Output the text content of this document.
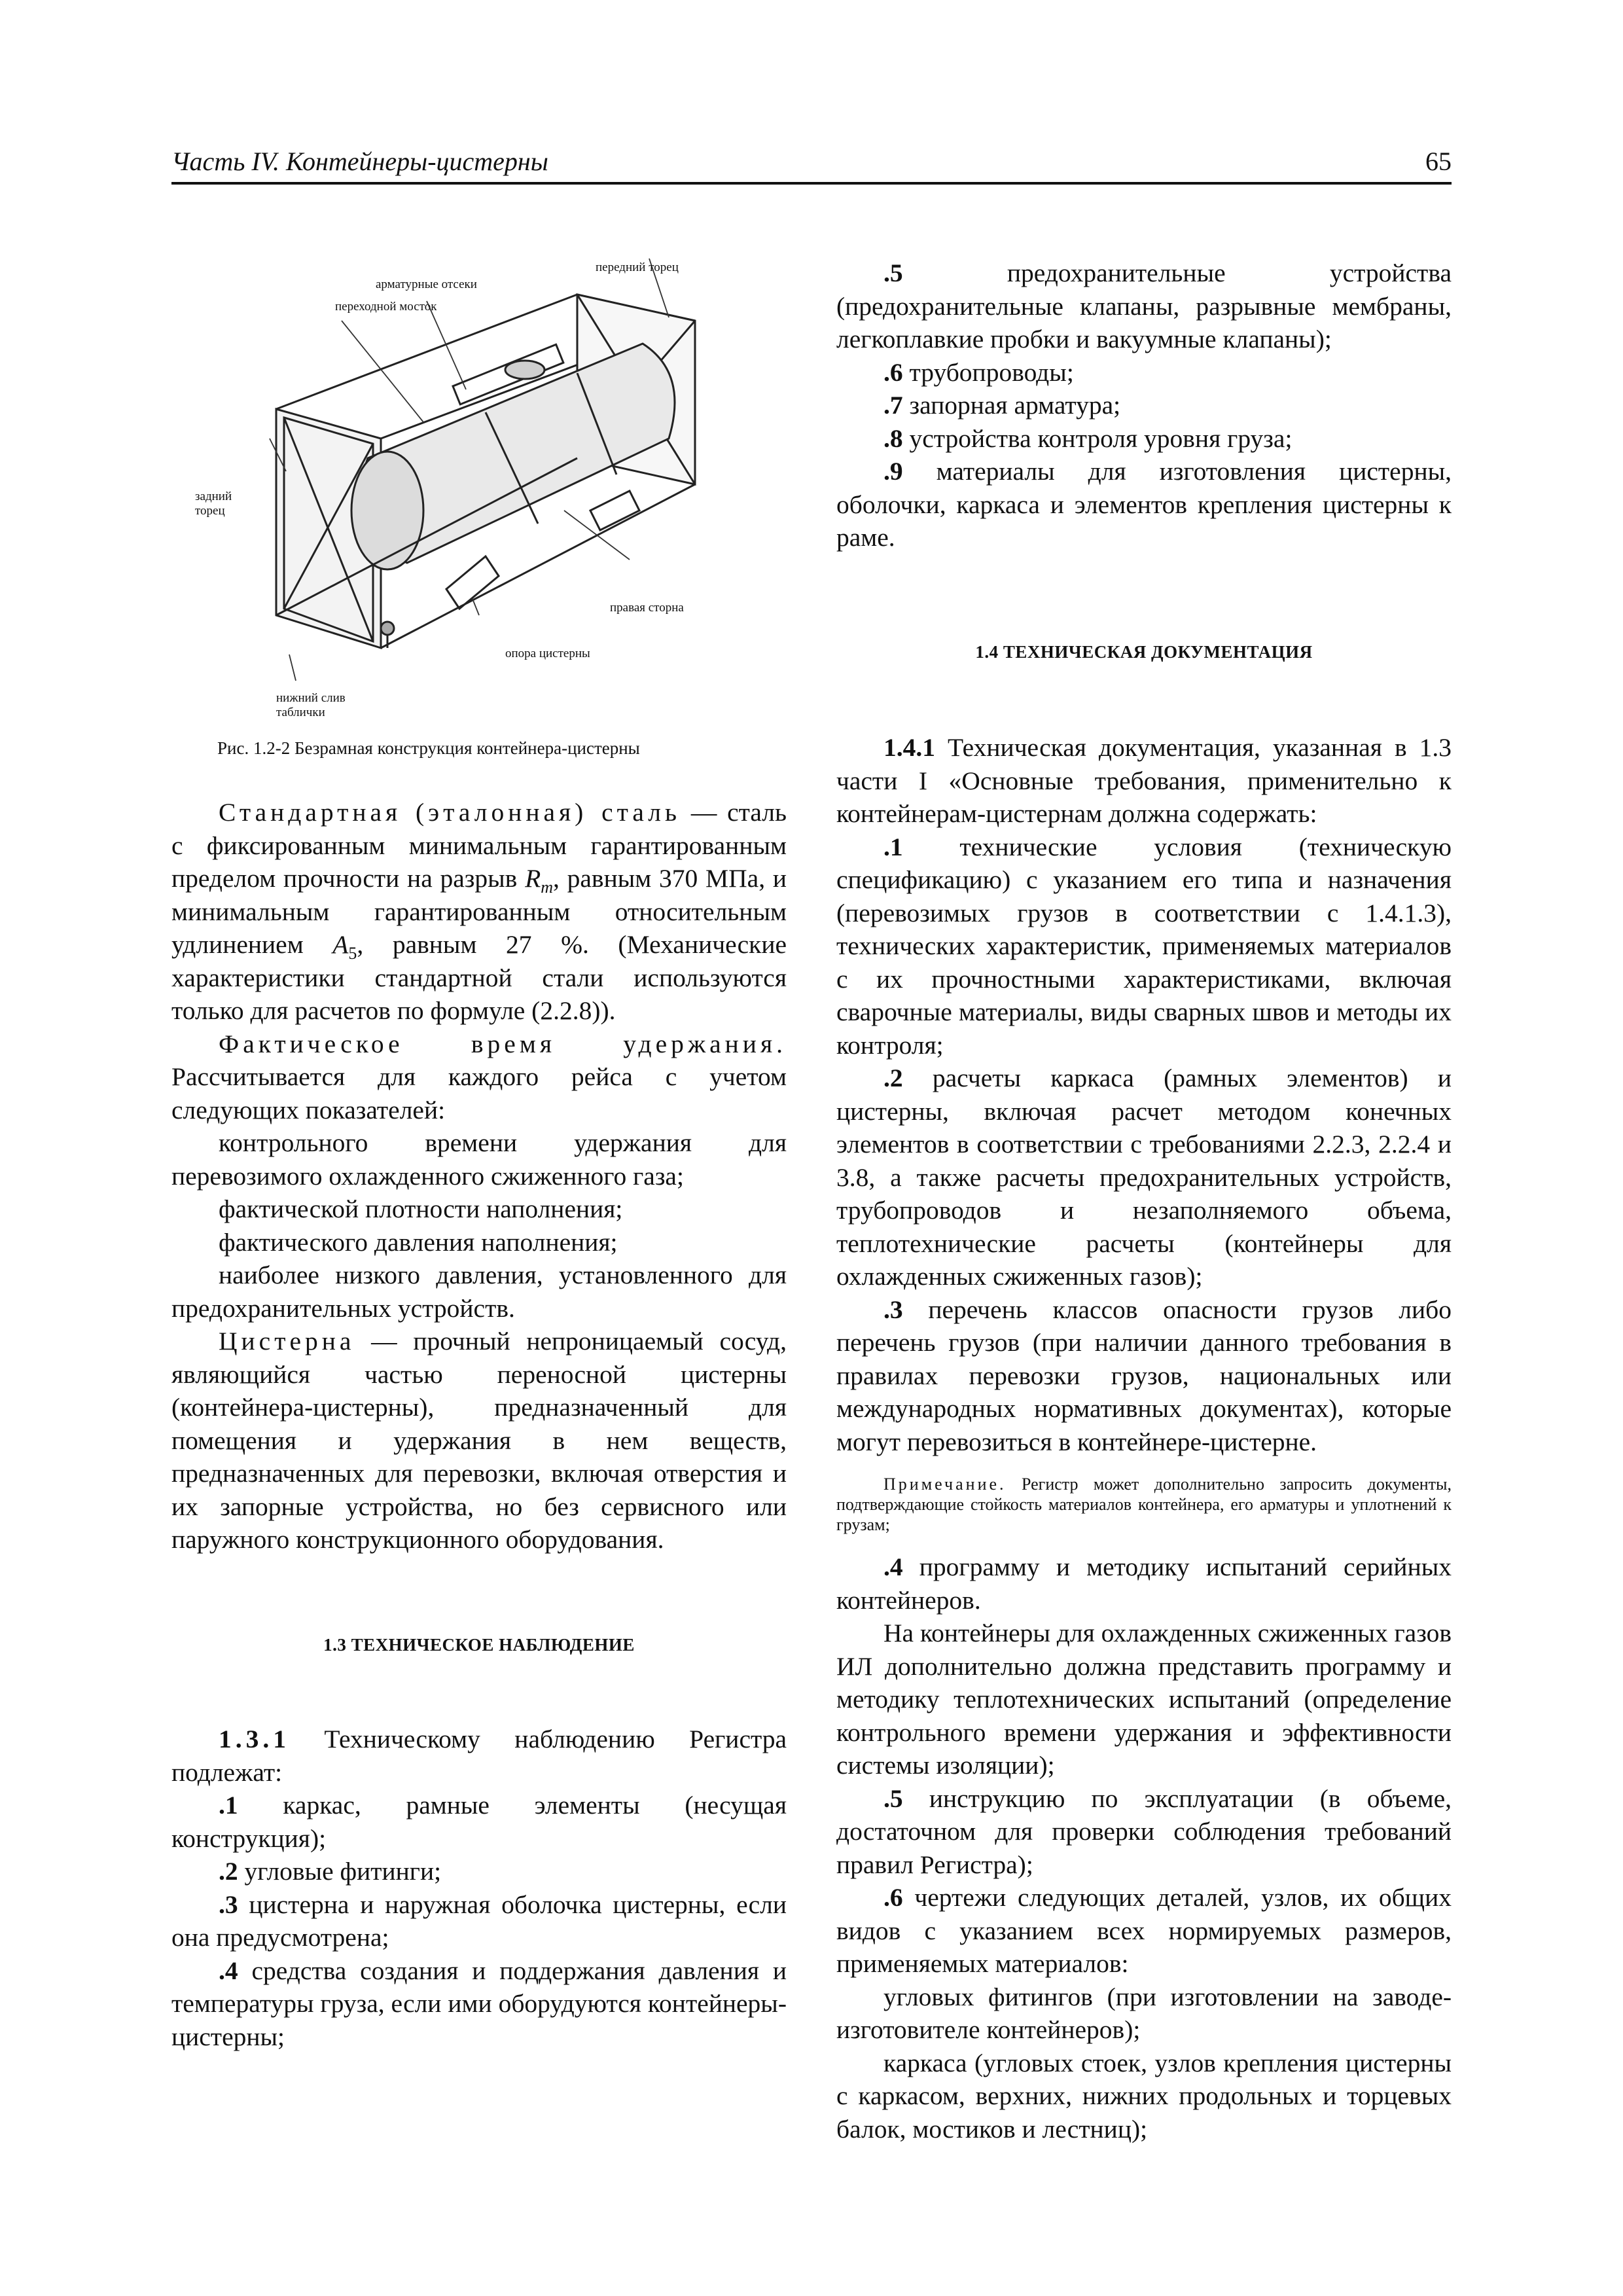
Часть IV. Контейнеры-цистерны	65
арматурные отсеки
передний торец
переходной мосток
задний
торец
правая сторна
опора цистерны
нижний слив
таблички

Рис. 1.2-2 Безрамная конструкция контейнера-цистерны

Стандартная (эталонная) сталь — сталь с фиксированным минимальным гарантированным пределом прочности на разрыв $R_m$, равным 370 МПа, и минимальным гарантированным относительным удлинением $A_5$, равным 27 %. (Механические характеристики стандартной стали используются только для расчетов по формуле (2.2.8)).

Фактическое время удержания. Рассчитывается для каждого рейса с учетом следующих показателей:

контрольного времени удержания для перевозимого охлажденного сжиженного газа;

фактической плотности наполнения;

фактического давления наполнения;

наиболее низкого давления, установленного для предохранительных устройств.

Цистерна — прочный непроницаемый сосуд, являющийся частью переносной цистерны (контейнера-цистерны), предназначенный для помещения и удержания в нем веществ, предназначенных для перевозки, включая отверстия и их запорные устройства, но без сервисного или паружного конструкционного оборудования.

1.3 ТЕХНИЧЕСКОЕ НАБЛЮДЕНИЕ

1.3.1 Техническому наблюдению Регистра подлежат:

.1 каркас, рамные элементы (несущая конструкция);

.2 угловые фитинги;

.3 цистерна и наружная оболочка цистерны, если она предусмотрена;

.4 средства создания и поддержания давления и температуры груза, если ими оборудуются контейнеры-цистерны;

.5 предохранительные устройства (предохранительные клапаны, разрывные мембраны, легкоплавкие пробки и вакуумные клапаны);

.6 трубопроводы;

.7 запорная арматура;

.8 устройства контроля уровня груза;

.9 материалы для изготовления цистерны, оболочки, каркаса и элементов крепления цистерны к раме.

1.4 ТЕХНИЧЕСКАЯ ДОКУМЕНТАЦИЯ

1.4.1 Техническая документация, указанная в 1.3 части I «Основные требования, применительно к контейнерам-цистернам должна содержать:

.1 технические условия (техническую спецификацию) с указанием его типа и назначения (перевозимых грузов в соответствии с 1.4.1.3), технических характеристик, применяемых материалов с их прочностными характеристиками, включая сварочные материалы, виды сварных швов и методы их контроля;

.2 расчеты каркаса (рамных элементов) и цистерны, включая расчет методом конечных элементов в соответствии с требованиями 2.2.3, 2.2.4 и 3.8, а также расчеты предохранительных устройств, трубопроводов и незаполняемого объема, теплотехнические расчеты (контейнеры для охлажденных сжиженных газов);

.3 перечень классов опасности грузов либо перечень грузов (при наличии данного требования в правилах перевозки грузов, национальных или международных нормативных документах), которые могут перевозиться в контейнере-цистерне.

Примечание. Регистр может дополнительно запросить документы, подтверждающие стойкость материалов контейнера, его арматуры и уплотнений к грузам;

.4 программу и методику испытаний серийных контейнеров.

На контейнеры для охлажденных сжиженных газов ИЛ дополнительно должна представить программу и методику теплотехнических испытаний (определение контрольного времени удержания и эффективности системы изоляции);

.5 инструкцию по эксплуатации (в объеме, достаточном для проверки соблюдения требований правил Регистра);

.6 чертежи следующих деталей, узлов, их общих видов с указанием всех нормируемых размеров, применяемых материалов:

угловых фитингов (при изготовлении на заводе-изготовителе контейнеров);

каркаса (угловых стоек, узлов крепления цистерны с каркасом, верхних, нижних продольных и торцевых балок, мостиков и лестниц);
